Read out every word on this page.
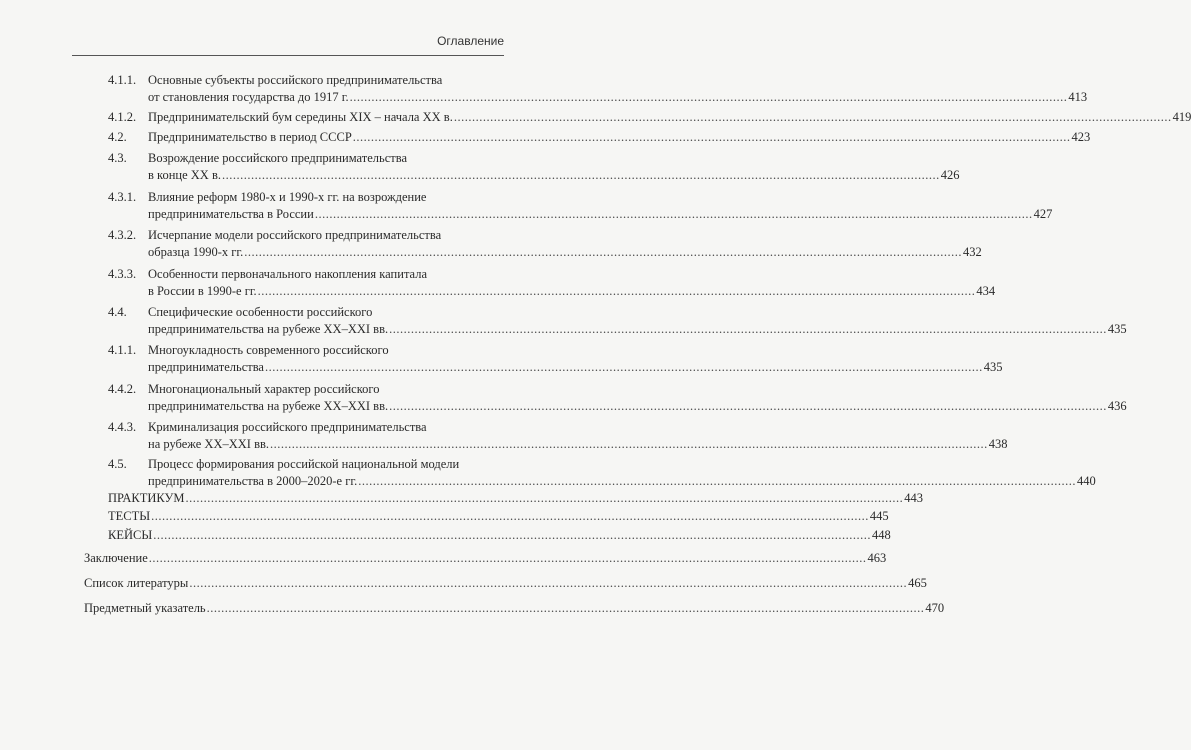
Оглавление
4.1.1. Основные субъекты российского предпринимательства
от становления государства до 1917 г. ...................................................................................................................................................................................................... 413
4.1.2. Предпринимательский бум середины XIX – начала XX в. ...................................................................................................................................................................................................... 419
4.2. Предпринимательство в период СССР ...................................................................................................................................................................................................... 423
4.3. Возрождение российского предпринимательства
в конце XX в. ...................................................................................................................................................................................................... 426
4.3.1. Влияние реформ 1980-х и 1990-х гг. на возрождение
предпринимательства в России ...................................................................................................................................................................................................... 427
4.3.2. Исчерпание модели российского предпринимательства
образца 1990-х гг. ...................................................................................................................................................................................................... 432
4.3.3. Особенности первоначального накопления капитала
в России в 1990-е гг. ...................................................................................................................................................................................................... 434
4.4. Специфические особенности российского
предпринимательства на рубеже XX–XXI вв. ...................................................................................................................................................................................................... 435
4.1.1. Многоукладность современного российского
предпринимательства ...................................................................................................................................................................................................... 435
4.4.2. Многонациональный характер российского
предпринимательства на рубеже XX–XXI вв. ...................................................................................................................................................................................................... 436
4.4.3. Криминализация российского предпринимательства
на рубеже XX–XXI вв. ...................................................................................................................................................................................................... 438
4.5. Процесс формирования российской национальной модели
предпринимательства в 2000–2020-е гг. ...................................................................................................................................................................................................... 440
ПРАКТИКУМ ...................................................................................................................................................................................................... 443
ТЕСТЫ ...................................................................................................................................................................................................... 445
КЕЙСЫ ...................................................................................................................................................................................................... 448
Заключение ...................................................................................................................................................................................................... 463
Список литературы ...................................................................................................................................................................................................... 465
Предметный указатель ...................................................................................................................................................................................................... 470
